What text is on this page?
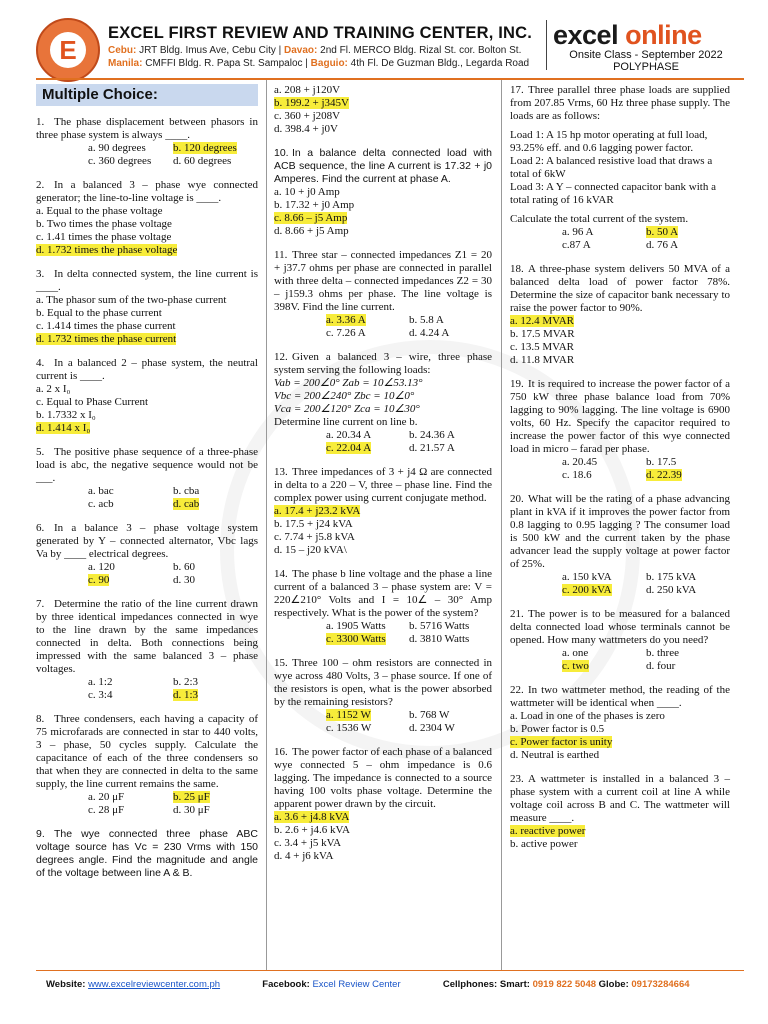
E
EXCEL FIRST REVIEW AND TRAINING CENTER, INC.
Cebu: JRT Bldg. Imus Ave, Cebu City | Davao: 2nd Fl. MERCO Bldg. Rizal St. cor. Bolton St.
Manila: CMFFI Bldg. R. Papa St. Sampaloc | Baguio: 4th Fl. De Guzman Bldg., Legarda Road
excel online
Onsite Class - September 2022
POLYPHASE
Multiple Choice:
1. The phase displacement between phasors in three phase system is always ____.
a. 90 degrees	b. 120 degrees
c. 360 degrees	d. 60 degrees
2. In a balanced 3 – phase wye connected generator; the line-to-line voltage is ____.
a. Equal to the phase voltage
b. Two times the phase voltage
c. 1.41 times the phase voltage
d. 1.732 times the phase voltage
3. In delta connected system, the line current is ____.
a. The phasor sum of the two-phase current
b. Equal to the phase current
c. 1.414 times the phase current
d. 1.732 times the phase current
4. In a balanced 2 – phase system, the neutral current is ____.
a. 2 x I₀
c. Equal to Phase Current
b. 1.7332 x I₀
d. 1.414 x I₀
5. The positive phase sequence of a three-phase load is abc, the negative sequence would not be ___.
a. bac	b. cba
c. acb	d. cab
6. In a balance 3 – phase voltage system generated by Y – connected alternator, Vbc lags Va by ____ electrical degrees.
a. 120	b. 60
c. 90	d. 30
7. Determine the ratio of the line current drawn by three identical impedances connected in wye to the line drawn by the same impedances connected in delta. Both connections being impressed with the same balanced 3 – phase voltages.
a. 1:2	b. 2:3
c. 3:4	d. 1:3
8. Three condensers, each having a capacity of 75 microfarads are connected in star to 440 volts, 3 – phase, 50 cycles supply. Calculate the capacitance of each of the three condensers so that when they are connected in delta to the same supply, the line current remains the same.
a. 20 μF	b. 25 μF
c. 28 μF	d. 30 μF
9. The wye connected three phase ABC voltage source has Vc = 230 Vrms with 150 degrees angle. Find the magnitude and angle of the voltage between line A & B.
a. 208 + j120V
b. 199.2 + j345V
c. 360 + j208V
d. 398.4 + j0V
10. In a balance delta connected load with ACB sequence, the line A current is 17.32 + j0 Amperes. Find the current at phase A.
a. 10 + j0 Amp
b. 17.32 + j0 Amp
c. 8.66 – j5 Amp
d. 8.66 + j5 Amp
11. Three star – connected impedances Z1 = 20 + j37.7 ohms per phase are connected in parallel with three delta – connected impedances Z2 = 30 – j159.3 ohms per phase. The line voltage is 398V. Find the line current.
a. 3.36 A	b. 5.8 A
c. 7.26 A	d. 4.24 A
12. Given a balanced 3 – wire, three phase system serving the following loads:
Vab = 200∠0° Zab = 10∠53.13°
Vbc = 200∠240° Zbc = 10∠0°
Vca = 200∠120° Zca = 10∠30°
Determine line current on line b.
a. 20.34 A	b. 24.36 A
c. 22.04 A	d. 21.57 A
13. Three impedances of 3 + j4 Ω are connected in delta to a 220 – V, three – phase line. Find the complex power using current conjugate method.
a. 17.4 + j23.2 kVA
b. 17.5 + j24 kVA
c. 7.74 + j5.8 kVA
d. 15 – j20 kVA\
14. The phase b line voltage and the phase a line current of a balanced 3 – phase system are: V = 220∠210° Volts and I = 10∠ – 30° Amp respectively. What is the power of the system?
a. 1905 Watts	b. 5716 Watts
c. 3300 Watts	d. 3810 Watts
15. Three 100 – ohm resistors are connected in wye across 480 Volts, 3 – phase source. If one of the resistors is open, what is the power absorbed by the remaining resistors?
a. 1152 W	b. 768 W
c. 1536 W	d. 2304 W
16. The power factor of each phase of a balanced wye connected 5 – ohm impedance is 0.6 lagging. The impedance is connected to a source having 100 volts phase voltage. Determine the apparent power drawn by the circuit.
a. 3.6 + j4.8 kVA
b. 2.6 + j4.6 kVA
c. 3.4 + j5 kVA
d. 4 + j6 kVA
17. Three parallel three phase loads are supplied from 207.85 Vrms, 60 Hz three phase supply. The loads are as follows:
Load 1: A 15 hp motor operating at full load, 93.25% eff. and 0.6 lagging power factor.
Load 2: A balanced resistive load that draws a total of 6kW
Load 3: A Y – connected capacitor bank with a total rating of 16 kVAR
Calculate the total current of the system.
a. 96 A	b. 50 A
c.87 A	d. 76 A
18. A three-phase system delivers 50 MVA of a balanced delta load of power factor 78%. Determine the size of capacitor bank necessary to raise the power factor to 90%.
a. 12.4 MVAR
b. 17.5 MVAR
c. 13.5 MVAR
d. 11.8 MVAR
19. It is required to increase the power factor of a 750 kW three phase balance load from 70% lagging to 90% lagging. The line voltage is 6900 volts, 60 Hz. Specify the capacitor required to increase the power factor of this wye connected load in micro – farad per phase.
a. 20.45	b. 17.5
c. 18.6	d. 22.39
20. What will be the rating of a phase advancing plant in kVA if it improves the power factor from 0.8 lagging to 0.95 lagging ? The consumer load is 500 kW and the current taken by the phase advancer lead the supply voltage at power factor of 25%.
a. 150 kVA	b. 175 kVA
c. 200 kVA	d. 250 kVA
21. The power is to be measured for a balanced delta connected load whose terminals cannot be opened. How many wattmeters do you need?
a. one	b. three
c. two	d. four
22. In two wattmeter method, the reading of the wattmeter will be identical when ____.
a. Load in one of the phases is zero
b. Power factor is 0.5
c. Power factor is unity
d. Neutral is earthed
23. A wattmeter is installed in a balanced 3 – phase system with a current coil at line A while voltage coil across B and C. The wattmeter will measure ____.
a. reactive power
b. active power
Website: www.excelreviewcenter.com.ph	Facebook: Excel Review Center	Cellphones: Smart: 0919 822 5048 Globe: 09173284664
